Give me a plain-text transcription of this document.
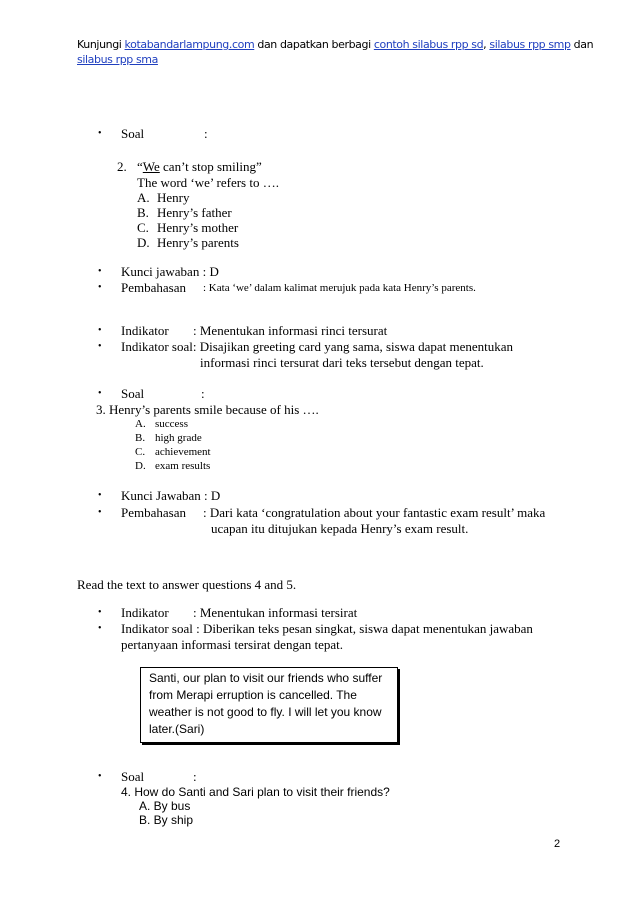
Kunjungi kotabandarlampung.com dan dapatkan berbagi contoh silabus rpp sd, silabus rpp smp dan
silabus rpp sma
• Soal	:
2. “We can’t stop smiling”
The word ‘we’ refers to ….
A. Henry
B. Henry’s father
C. Henry’s mother
D. Henry’s parents
• Kunci jawaban : D
• Pembahasan : Kata ‘we’ dalam kalimat merujuk pada kata Henry’s parents.
• Indikator : Menentukan informasi rinci tersurat
• Indikator soal: Disajikan greeting card yang sama, siswa dapat menentukan
informasi rinci tersurat dari teks tersebut dengan tepat.
• Soal	:
3. Henry’s parents smile because of his ….
A. success
B. high grade
C. achievement
D. exam results
• Kunci Jawaban : D
• Pembahasan : Dari kata ‘congratulation about your fantastic exam result’ maka
ucapan itu ditujukan kepada Henry’s exam result.
Read the text to answer questions 4 and 5.
• Indikator : Menentukan informasi tersirat
• Indikator soal : Diberikan teks pesan singkat, siswa dapat menentukan jawaban
pertanyaan informasi tersirat dengan tepat.
Santi, our plan to visit our friends who suffer
from Merapi erruption is cancelled. The
weather is not good to fly. I will let you know
later.(Sari)
• Soal	:
4. How do Santi and Sari plan to visit their friends?
A. By bus
B. By ship
2
